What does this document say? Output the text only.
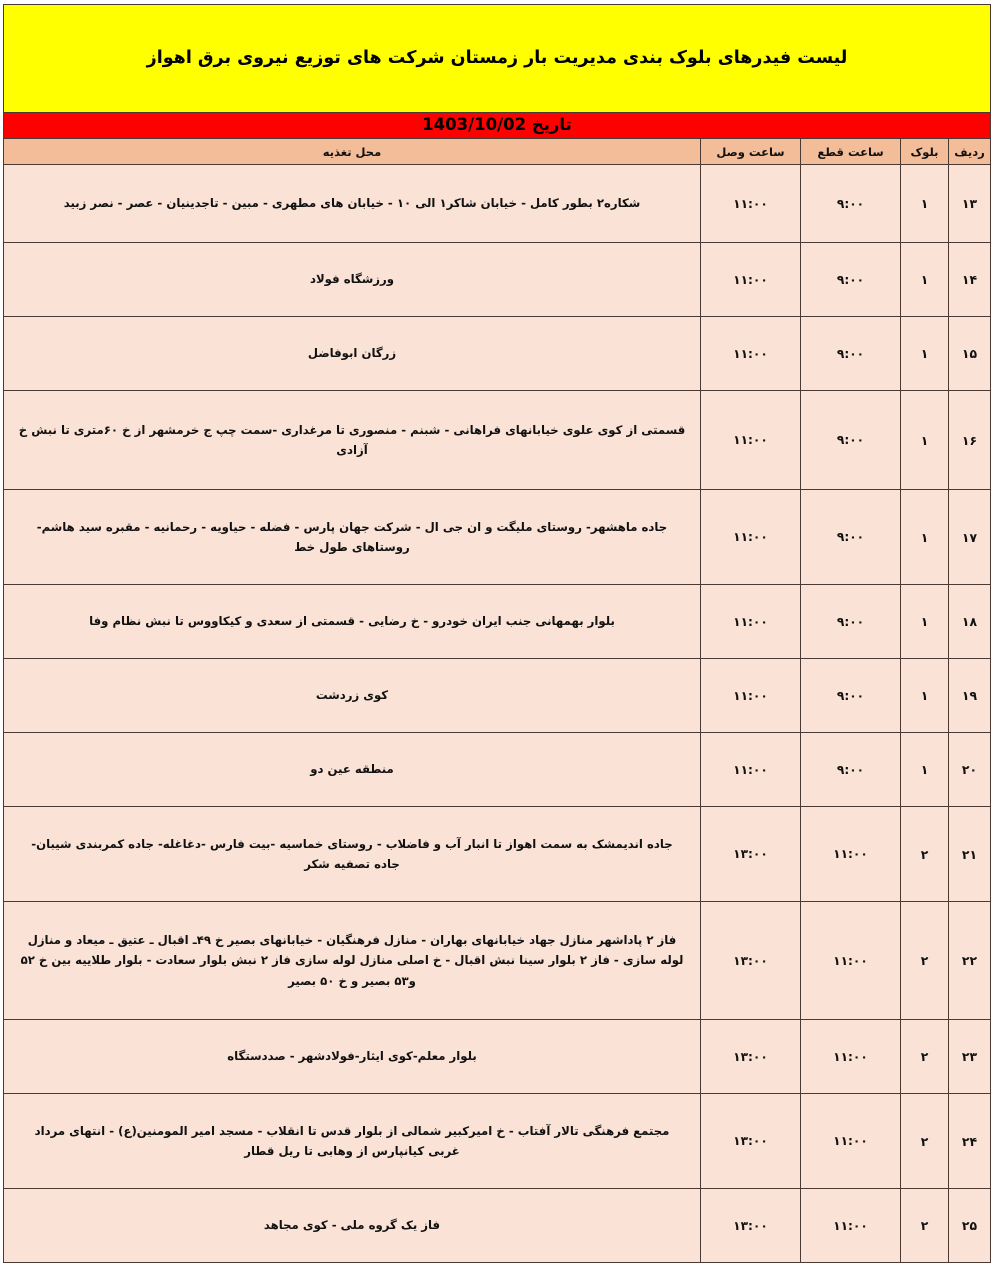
لیست فیدرهای بلوک بندی مدیریت بار زمستان شرکت های توزیع نیروی برق اهواز				

تاریخ 1403/10/02				
ردیف	بلوک	ساعت قطع	ساعت وصل	محل تغذیه
۱۳	۱	۹:۰۰	۱۱:۰۰	شکاره۲ بطور کامل - خیابان شاکر۱ الی ۱۰ - خیابان های مطهری - مبین - تاجدینیان - عصر - نصر زبید
۱۴	۱	۹:۰۰	۱۱:۰۰	ورزشگاه فولاد
۱۵	۱	۹:۰۰	۱۱:۰۰	زرگان ابوفاضل
۱۶	۱	۹:۰۰	۱۱:۰۰	قسمتی از کوی علوی خیابانهای فراهانی - شبنم - منصوری تا مرغداری -سمت چپ ج خرمشهر از خ ۶۰متری تا نبش خ آزادی
۱۷	۱	۹:۰۰	۱۱:۰۰	جاده ماهشهر- روستای ملیگت و ان جی ال - شرکت جهان پارس - فضله - حیاویه - رحمانیه - مقبره سید هاشم- روستاهای طول خط
۱۸	۱	۹:۰۰	۱۱:۰۰	بلوار بهمهانی جنب ایران خودرو - خ رضایی - قسمتی از سعدی و کیکاووس تا نبش نظام وفا
۱۹	۱	۹:۰۰	۱۱:۰۰	کوی زردشت
۲۰	۱	۹:۰۰	۱۱:۰۰	منطقه عین دو
۲۱	۲	۱۱:۰۰	۱۳:۰۰	جاده اندیمشک به سمت اهواز تا انبار آب و فاضلاب - روستای خماسیه -بیت فارس -دغاغله- جاده کمربندی شیبان- جاده تصفیه شکر
۲۲	۲	۱۱:۰۰	۱۳:۰۰	فاز ۲ پاداشهر منازل جهاد خیابانهای بهاران - منازل فرهنگیان - خیابانهای بصیر خ ۴۹ـ اقبال ـ عتیق ـ میعاد و منازل لوله سازی - فاز ۲ بلوار سینا نبش اقبال - خ اصلی منازل لوله سازی فاز ۲ نبش بلوار سعادت - بلوار طلاییه بین خ ۵۲ و۵۳ بصیر و خ ۵۰ بصیر
۲۳	۲	۱۱:۰۰	۱۳:۰۰	بلوار معلم-کوی ایثار-فولادشهر - صددستگاه
۲۴	۲	۱۱:۰۰	۱۳:۰۰	مجتمع فرهنگی تالار آفتاب - خ امیرکبیر شمالی از بلوار قدس تا انقلاب - مسجد امیر المومنین(ع) - انتهای مرداد غربی کیانپارس از وهابی تا ریل قطار
۲۵	۲	۱۱:۰۰	۱۳:۰۰	فاز یک گروه ملی - کوی مجاهد
